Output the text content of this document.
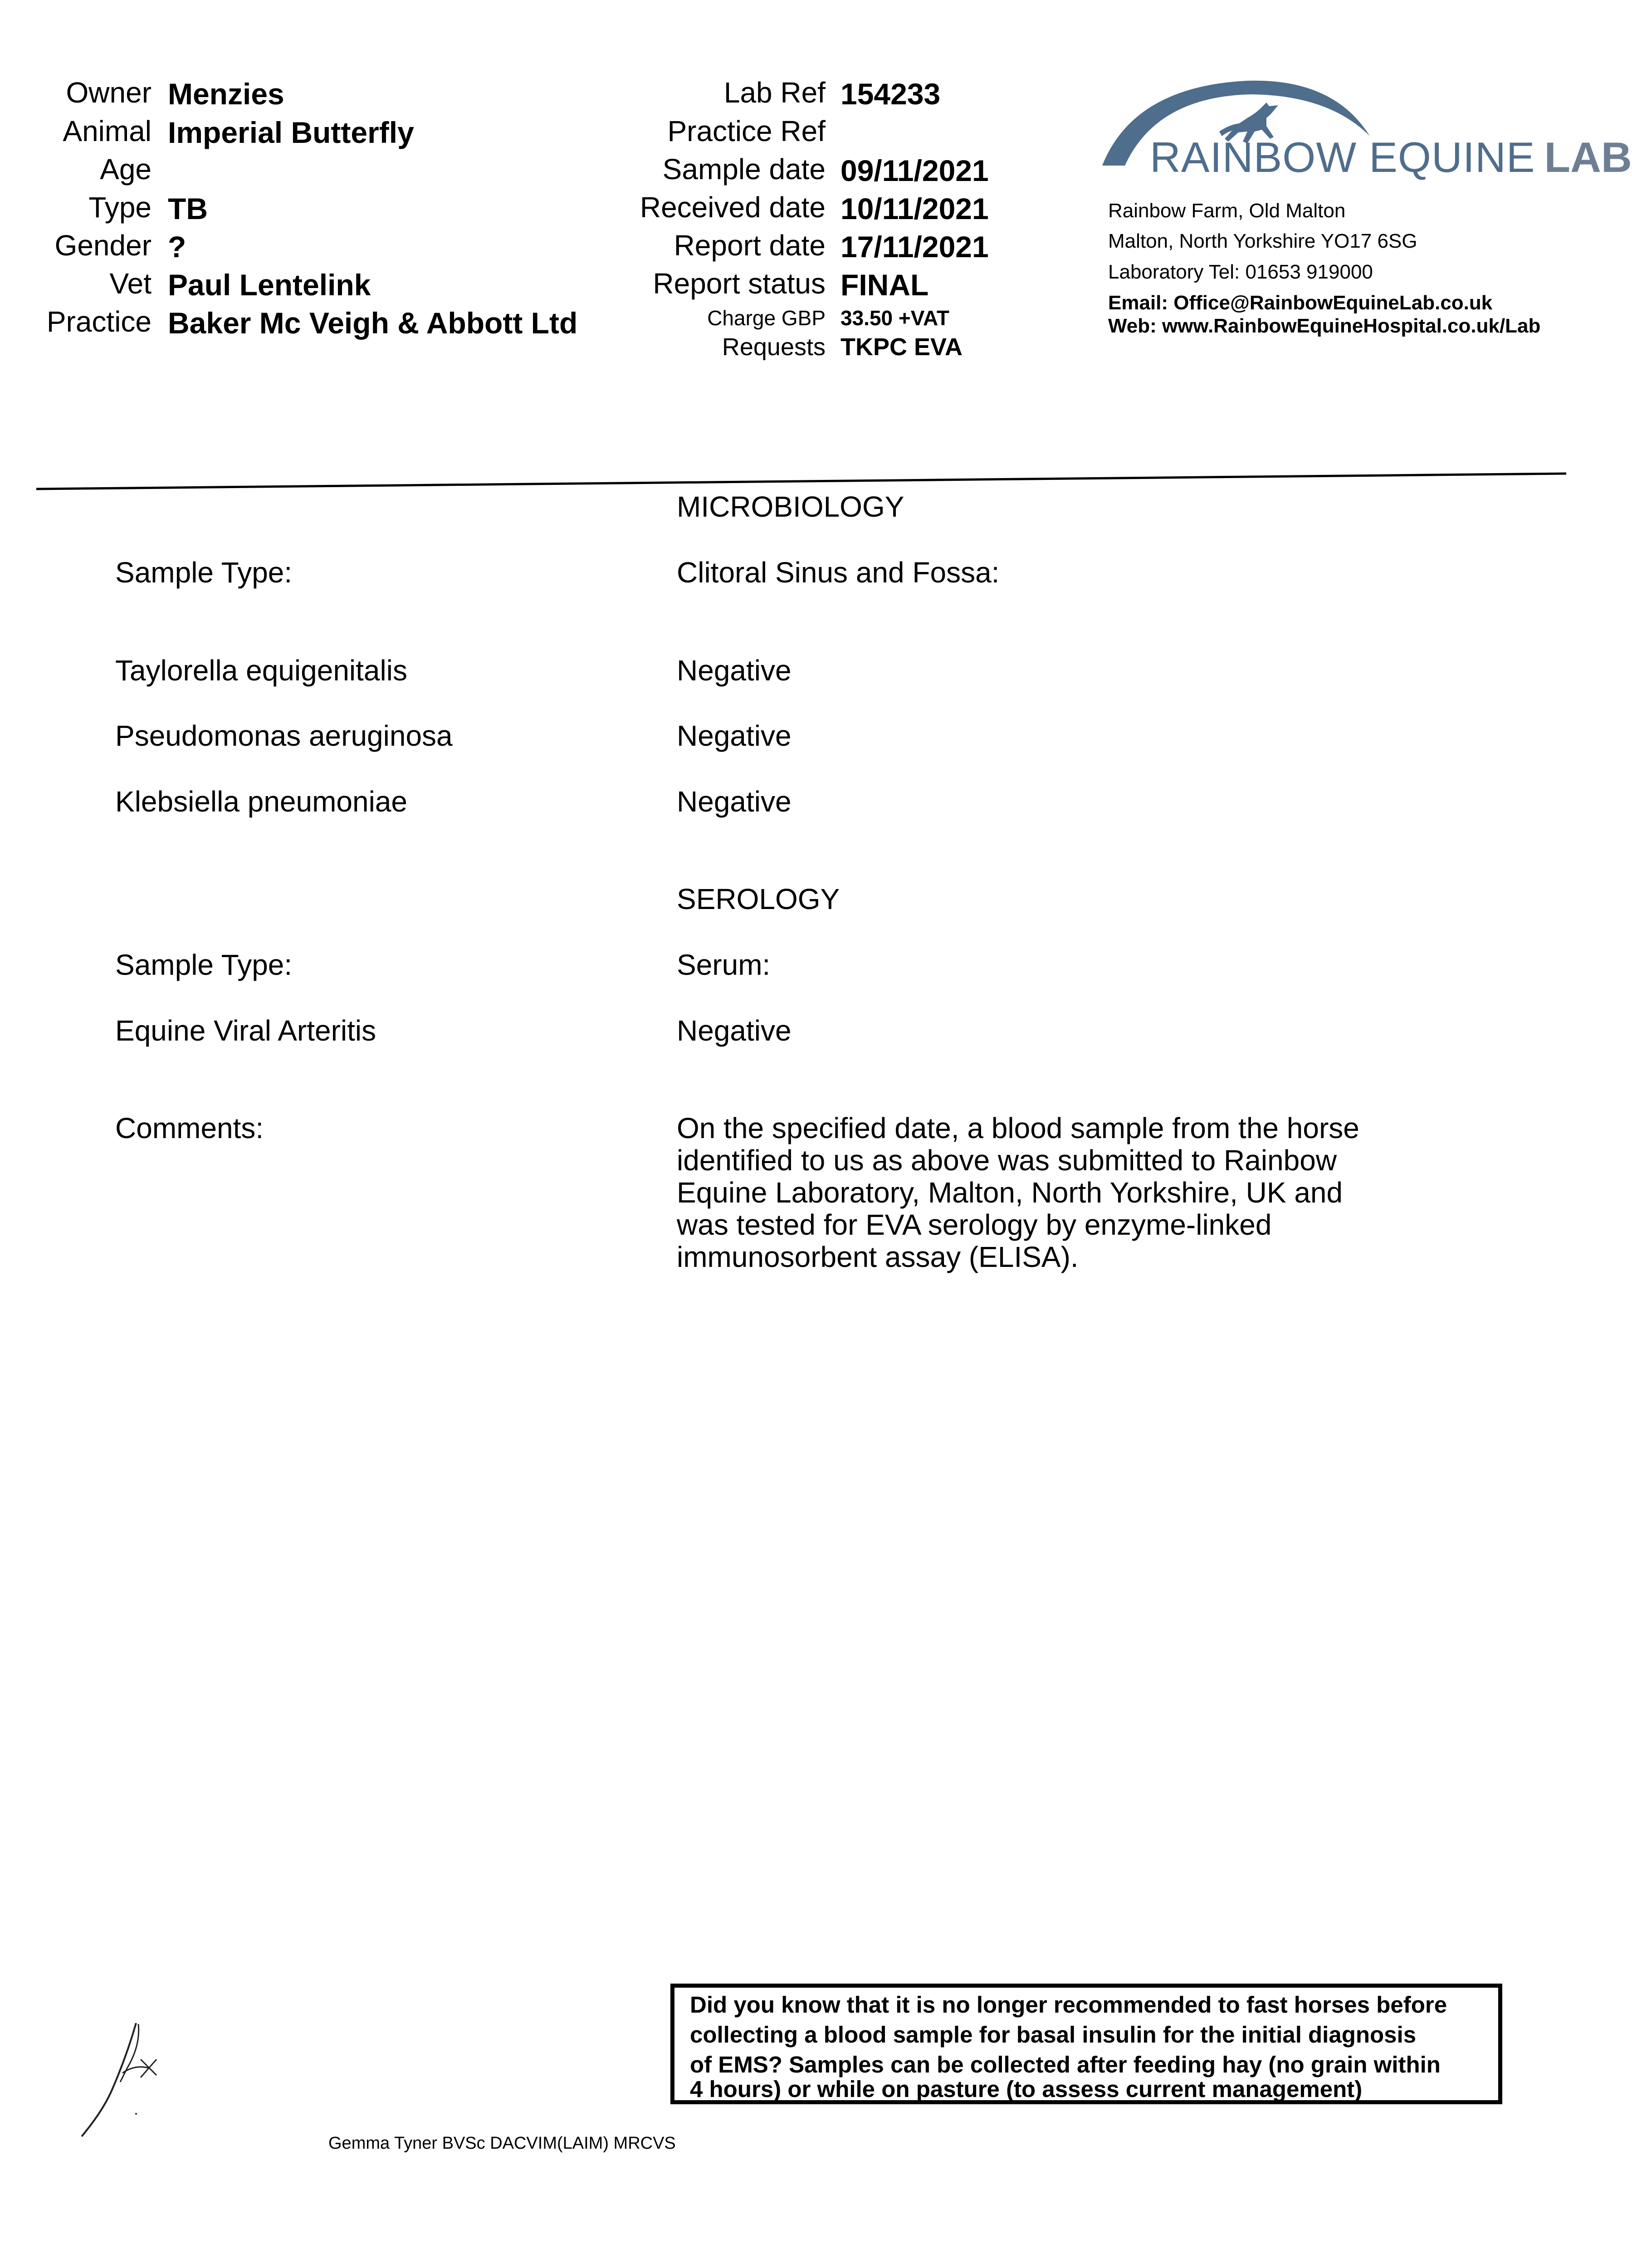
Owner Menzies
Animal Imperial Butterfly
Age
Type TB
Gender ?
Vet Paul Lentelink
Practice Baker Mc Veigh & Abbott Ltd
Lab Ref 154233
Practice Ref
Sample date 09/11/2021
Received date 10/11/2021
Report date 17/11/2021
Report status FINAL
Charge GBP 33.50 +VAT
Requests TKPC EVA
RAINBOW EQUINE LAB
Rainbow Farm, Old Malton
Malton, North Yorkshire YO17 6SG
Laboratory Tel: 01653 919000
Email: Office@RainbowEquineLab.co.uk
Web: www.RainbowEquineHospital.co.uk/Lab
MICROBIOLOGY
Sample Type:	Clitoral Sinus and Fossa:
Taylorella equigenitalis	Negative
Pseudomonas aeruginosa	Negative
Klebsiella pneumoniae	Negative
SEROLOGY
Sample Type:	Serum:
Equine Viral Arteritis	Negative
Comments:	On the specified date, a blood sample from the horse
identified to us as above was submitted to Rainbow
Equine Laboratory, Malton, North Yorkshire, UK and
was tested for EVA serology by enzyme-linked
immunosorbent assay (ELISA).
Gemma Tyner BVSc DACVIM(LAIM) MRCVS
Did you know that it is no longer recommended to fast horses before
collecting a blood sample for basal insulin for the initial diagnosis
of EMS? Samples can be collected after feeding hay (no grain within
4 hours) or while on pasture (to assess current management)
